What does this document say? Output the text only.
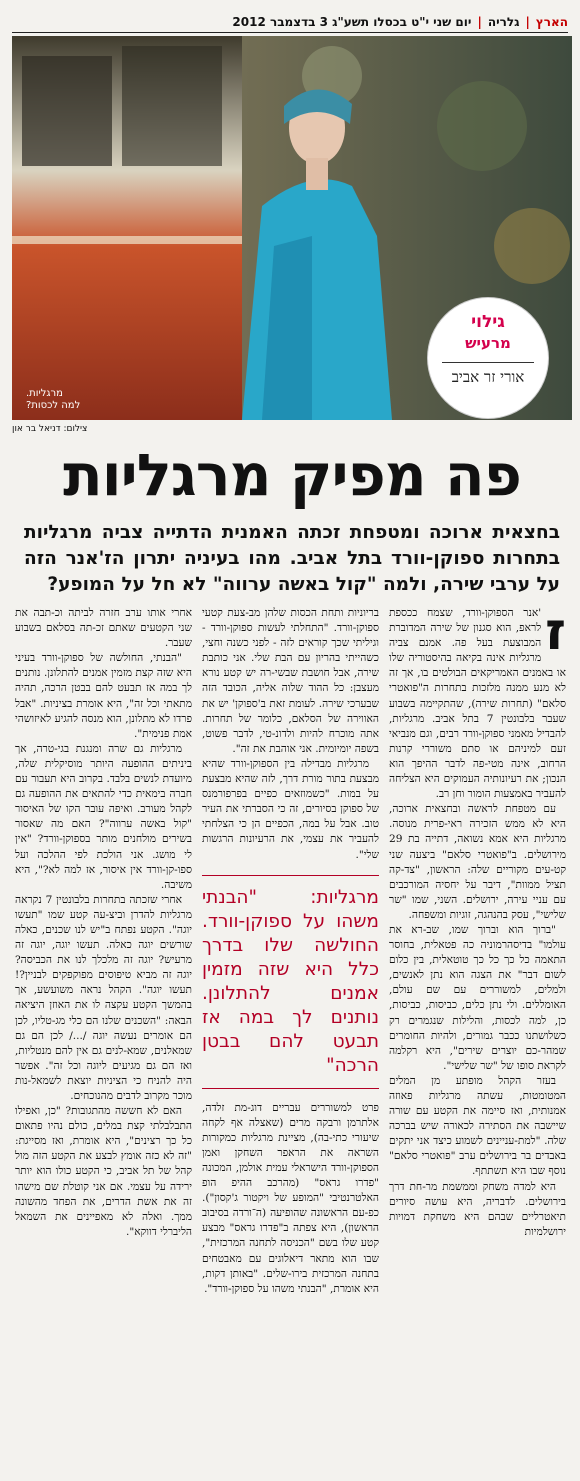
הארץ
|
גלריה
|
יום שני י"ט בכסלו תשע"ג 3 בדצמבר 2012
מרגליות.
למה לכסות?
צילום: דניאל בר און
גילוי
מרעיש
אורי זר אביב
פה מפיק מרגליות
בחצאית ארוכה ומטפחת זכתה האמנית הדתייה צביה מרגליות בתחרות ספוקן-וורד בתל אביב. מהו בעיניה יתרון הז'אנר הזה על ערבי שירה, ולמה "קול באשה ערווה" לא חל על המופע?
ז

'אנר הספוקן-וורד, שצמח ככספת לראפ, הוא סגנון של שירה המדוברת המבוצעת בעל פה. אמנם צביה מרגליות אינה בקיאה בהיסטוריה שלו או באמנים האמריקאים הבולטים בו, אך זה לא מנע ממנה מלזכות בתחרות ה"פואטרי סלאם" (תחרות שירה), שהתקיימה בשבוע שעבר בלבונטין 7 בתל אביב. מרגליות, להבדיל מאמני ספוקן-וורד רבים, וגם מנביאי זעם למיניהם או סתם משוררי קרנות הרחוב, אינה מטי-פה לדבר ההיפך הוא הנכון; את רעיונותיה העמוקים היא הצליחה להעביר באמצעות הומור וחן רב.

עם מטפחת לראשה ובחצאית ארוכה, היא לא ממש הזכירה ראי-פרית מנוסה. מרגליות היא אמא נשואה, דתייה בת 29 מירושלים. ב"פואטרי סלאם" ביצעה שני קט-עים מקוריים שלה: הראשון, "צד-קה תציל ממוות", דיבר על יחסיה המורכבים עם עניי עירה, ירושלים. השני, שמו "שר שלישי", עסק בהנהגה, זוגיות ומשפחה.

"ברוך הוא וברוך שמו, שב-רא את עולמו" בדיסהרמוניה כה פטאלית, בחוסר התאמה כל כך כל כך טוטאלית, בין כלום לשום דבר" את הצגה הוא נתן לאנשים, ולמלים, למשוררים עם שם עולם, האומללים. ולי נתן כלים, כביסות, כביסות, כן, למה לכסות, והלילות שנגמרים רק כשלושתנו ככבר גמורים, ולהיות החומרים שמהר-כם יוצרים שירים", היא רקלמה לקראת סופו של "שר שלישי".

בעזר הקהל מופתע מן המלים המטומטות, עשתה מרגליות פאוזה אמנותית, ואז סיימה את הקטע עם שורה שיישבה את הסתירה לכאורה שיש בברכה שלה. "למת-עניינים לשמוע כיצד אני יתקים באבדים בר בירושלים ערב "פואטרי סלאם" נוסף שבו היא תשתתף.

היא למדה משחק וממשמת מר-חת דרך בירושלים. לדבריה, היא עושה סיורים תיאטרליים שבהם היא משחקת דמויות ירושלמיות

בריוניות ותחת הכסות שלהן מב-צעת קטעי ספוקן-וורד. "התחלתי לעשות ספוקן-וורד - וגיליתי שכך קוראים לזה - לפני כשנה וחצי, כשהייתי בהריון עם הבת שלי. אני כותבת שירה, אבל חושבת שבשי-רה יש קטע נורא מעצבן: כל ההוד שלוה אליה, הכובד הזה שבערכי שירה. לעומת זאת ב'ספוקן' יש את האווירה של הסלאם, כלומר של תחרות. אתה מוכרח להיות ולדונ-טי, לדבר פשוט, בשפה יומיומית. אני אוהבת את זה".

מרגליות מבדילה בין הספוקן-וורד שהיא מבצעת בתור מורת דרך, לזה שהיא מבצעת על במות. "כשמוזאים כפיים בפרפורמנס של ספוקן בסיורים, זה כי הסברתי את העיר טוב. אבל על במה, הכפיים הן כי הצלחתי להעביר את עצמי, את הרעיונות הרגשות שלי".

מרגליות: "הבנתי משהו על ספוקן-וורד. החולשה שלו בדרך כלל היא שזה מזמין אמנים להתלונן. נותנים לך במה אז תבעט להם בבטן הרכה"

פרט למשוררים עבריים דוג-מת זלדה, אלתרמן ורבקה מרים (שאצלה אף לקחה שיעורי כתי-בה), מציינת מרגליות כמקורות השראה את הראפר השחקן ואמן הספוקן-וורד הישראלי עמית אולמן, המכונה "פדרו גראס" (מהרכב ההיפ הופ האלטרנטיבי "המופע של ויקטור ג'קסון"). כפ-עם הראשונה שהופיעה (ה־ורדה בסיבוב הראשון), היא צפתה ב"פדרו גראס" מבצע קטע שלו בשם "הכניסה לתחנה המרכזית", שבו הוא מתאר דיאלוגים עם מאבטחים בתחנה המרכזית בירו-שלים. "באותן דקות, היא אומרת, "הבנתי משהו על ספוקן-וורד".

אחרי אותו ערב חזרה לביתה וכ-תבה את שני הקטעים שאתם זכ-תה בסלאם בשבוע שעבר.

"הבנתי, החולשה של ספוקן-וורד בעיני היא שזה קצת מזמין אמנים להתלונן. נותנים לך במה אז תבעט להם בבטן הרכה, תהיה מתאתי וכל זה", היא אומרת בציניות. "אבל פרדו לא מתלונן, הוא מנסה להגיע לאיזושהי אמת פנימית".

מרגליות גם שרה ומנגנת בגי-טרה, אך ביניתים ההופעה היותר מוסיקלית שלה, מיועדת לנשים בלבד. בקרוב היא תעבור עם חברה בימאית כדי להתאים את ההופעה גם לקהל מעורב. ואיפה עובר הקו של האיסור "קול באשה ערווה"? האם מה שאסור בשירים מולחנים מותר בספוקן-וורד? "אין לי מושג. אני הולכת לפי ההלכה ועל ספו-קן-וורד אין איסור, אז למה לא?", היא משיבה.

אחרי שזכתה בתחרות בלבונטין 7 נקראה מרגליות להדרן וביצ-עה קטע שמו "תעשו יוגה". הקטע נפתח ב"יש לנו שכנים, כאלה שורשים יוגה כאלה. תעשו יוגה, יוגה זה מרעיש? יוגה זה מלכלך לנו את הכביסה? יוגה זה מביא טיפוסים מפוקפקים לבניין?! תעשו יוגה". הקהל נראה משועשע, אך בהמשך הקטע עקצה לו את האוזן היציאה הבאה: "השכנים שלנו הם כלי מג-טליו, לכן הם אומרים נעשה יוגה /.../ לכן הם גם שמאלנים, שמא-לנים גם אין להם מנטליות, ואז הם גם מגיעים ליוגה וכל זה". אפשר היה להניח כי הציניות יוצאת לשמאל-נות מוכר מקרוב לדבים מהנוכחים.

האם לא חששה מהתגובות? "כן, ואפילו התבלבלתי קצת במלים, כולם נהיו פתאום כל כך רצינים", היא אומרת, ואז מסייגת: "זה לא כזה אומץ לבצע את הקטע הזה מול קהל של תל אביב, כי הקטע כולו הוא יותר ירידה על עצמי. אם אני קוטלת שם מישהו זה את אשת הדרים, את הפחד מהשונה ממך. ואלה לא מאפיינים את השמאל הליברלי דווקא".
